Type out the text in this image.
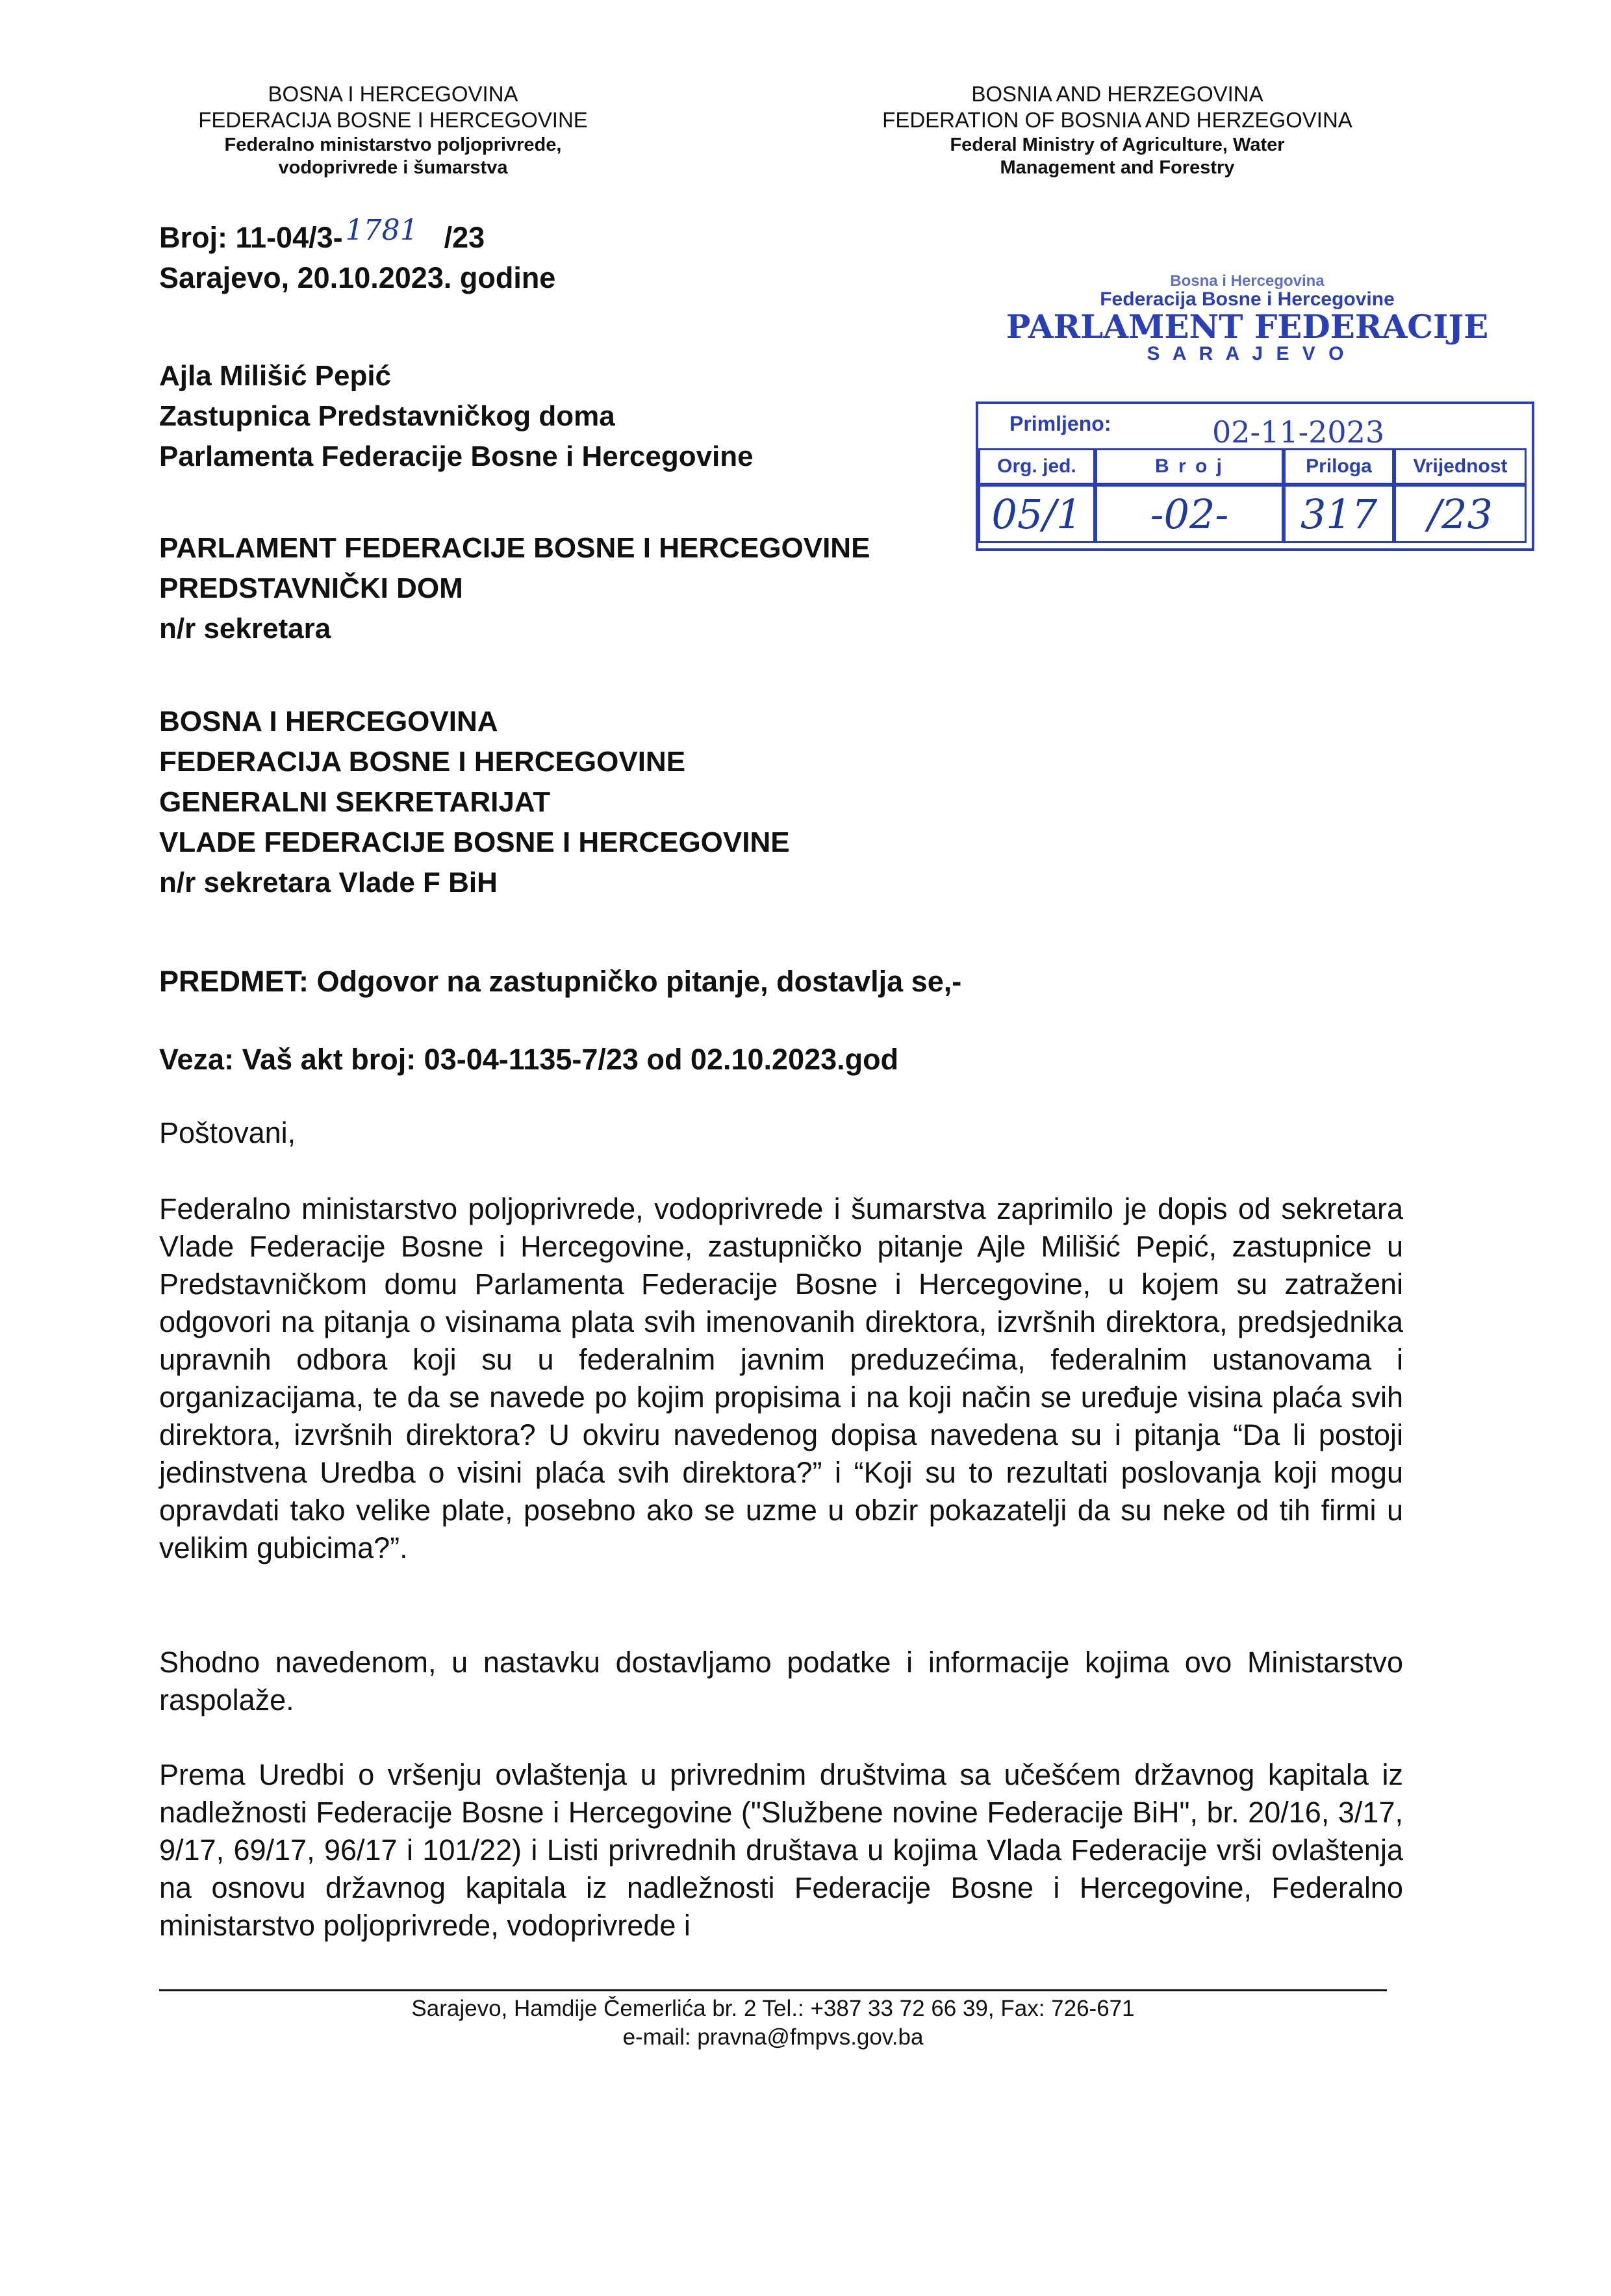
BOSNA I HERCEGOVINA
FEDERACIJA BOSNE I HERCEGOVINE
Federalno ministarstvo poljoprivrede,
vodoprivrede i šumarstva
BOSNIA AND HERZEGOVINA
FEDERATION OF BOSNIA AND HERZEGOVINA
Federal Ministry of Agriculture, Water
Management and Forestry
Broj: 11-04/3-1781 /23
Sarajevo, 20.10.2023. godine	Bosna i Hercegovina
Federacija Bosne i Hercegovine
PARLAMENT FEDERACIJE
S A R A J E V O
Primljeno:	02-11-2023
Org. jed.	B r o j	Priloga	Vrijednost
05/1	-02-	317	/23
Ajla Milišić Pepić
Zastupnica Predstavničkog doma
Parlamenta Federacije Bosne i Hercegovine
PARLAMENT FEDERACIJE BOSNE I HERCEGOVINE
PREDSTAVNIČKI DOM
n/r sekretara
BOSNA I HERCEGOVINA
FEDERACIJA BOSNE I HERCEGOVINE
GENERALNI SEKRETARIJAT
VLADE FEDERACIJE BOSNE I HERCEGOVINE
n/r sekretara Vlade F BiH
PREDMET: Odgovor na zastupničko pitanje, dostavlja se,-
Veza: Vaš akt broj: 03-04-1135-7/23 od 02.10.2023.god
Poštovani,
Federalno ministarstvo poljoprivrede, vodoprivrede i šumarstva zaprimilo je dopis od sekretara Vlade Federacije Bosne i Hercegovine, zastupničko pitanje Ajle Milišić Pepić, zastupnice u Predstavničkom domu Parlamenta Federacije Bosne i Hercegovine, u kojem su zatraženi odgovori na pitanja o visinama plata svih imenovanih direktora, izvršnih direktora, predsjednika upravnih odbora koji su u federalnim javnim preduzećima, federalnim ustanovama i organizacijama, te da se navede po kojim propisima i na koji način se uređuje visina plaća svih direktora, izvršnih direktora? U okviru navedenog dopisa navedena su i pitanja “Da li postoji jedinstvena Uredba o visini plaća svih direktora?” i “Koji su to rezultati poslovanja koji mogu opravdati tako velike plate, posebno ako se uzme u obzir pokazatelji da su neke od tih firmi u velikim gubicima?”.
Shodno navedenom, u nastavku dostavljamo podatke i informacije kojima ovo Ministarstvo raspolaže.
Prema Uredbi o vršenju ovlaštenja u privrednim društvima sa učešćem državnog kapitala iz nadležnosti Federacije Bosne i Hercegovine ("Službene novine Federacije BiH", br. 20/16, 3/17, 9/17, 69/17, 96/17 i 101/22) i Listi privrednih društava u kojima Vlada Federacije vrši ovlaštenja na osnovu državnog kapitala iz nadležnosti Federacije Bosne i Hercegovine, Federalno ministarstvo poljoprivrede, vodoprivrede i
Sarajevo, Hamdije Čemerlića br. 2 Tel.: +387 33 72 66 39, Fax: 726-671
e-mail: pravna@fmpvs.gov.ba
